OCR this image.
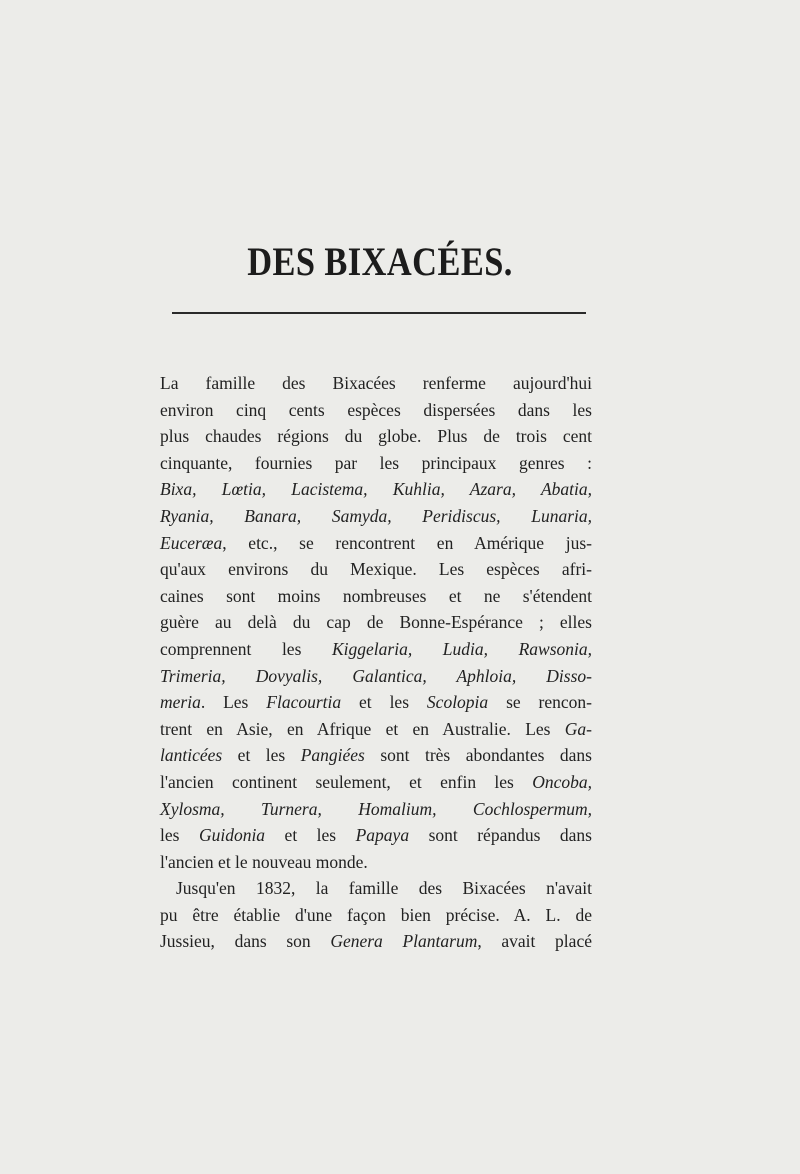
DES BIXACÉES.
La famille des Bixacées renferme aujourd'hui
environ cinq cents espèces dispersées dans les
plus chaudes régions du globe. Plus de trois cent
cinquante, fournies par les principaux genres :
Bixa, Lœtia, Lacistema, Kuhlia, Azara, Abatia,
Ryania, Banara, Samyda, Peridiscus, Lunaria,
Euceræa, etc., se rencontrent en Amérique jus-
qu'aux environs du Mexique. Les espèces afri-
caines sont moins nombreuses et ne s'étendent
guère au delà du cap de Bonne-Espérance ; elles
comprennent les Kiggelaria, Ludia, Rawsonia,
Trimeria, Dovyalis, Galantica, Aphloia, Disso-
meria. Les Flacourtia et les Scolopia se rencon-
trent en Asie, en Afrique et en Australie. Les Ga-
lanticées et les Pangiées sont très abondantes dans
l'ancien continent seulement, et enfin les Oncoba,
Xylosma, Turnera, Homalium, Cochlospermum,
les Guidonia et les Papaya sont répandus dans
l'ancien et le nouveau monde.
Jusqu'en 1832, la famille des Bixacées n'avait
pu être établie d'une façon bien précise. A. L. de
Jussieu, dans son Genera Plantarum, avait placé
